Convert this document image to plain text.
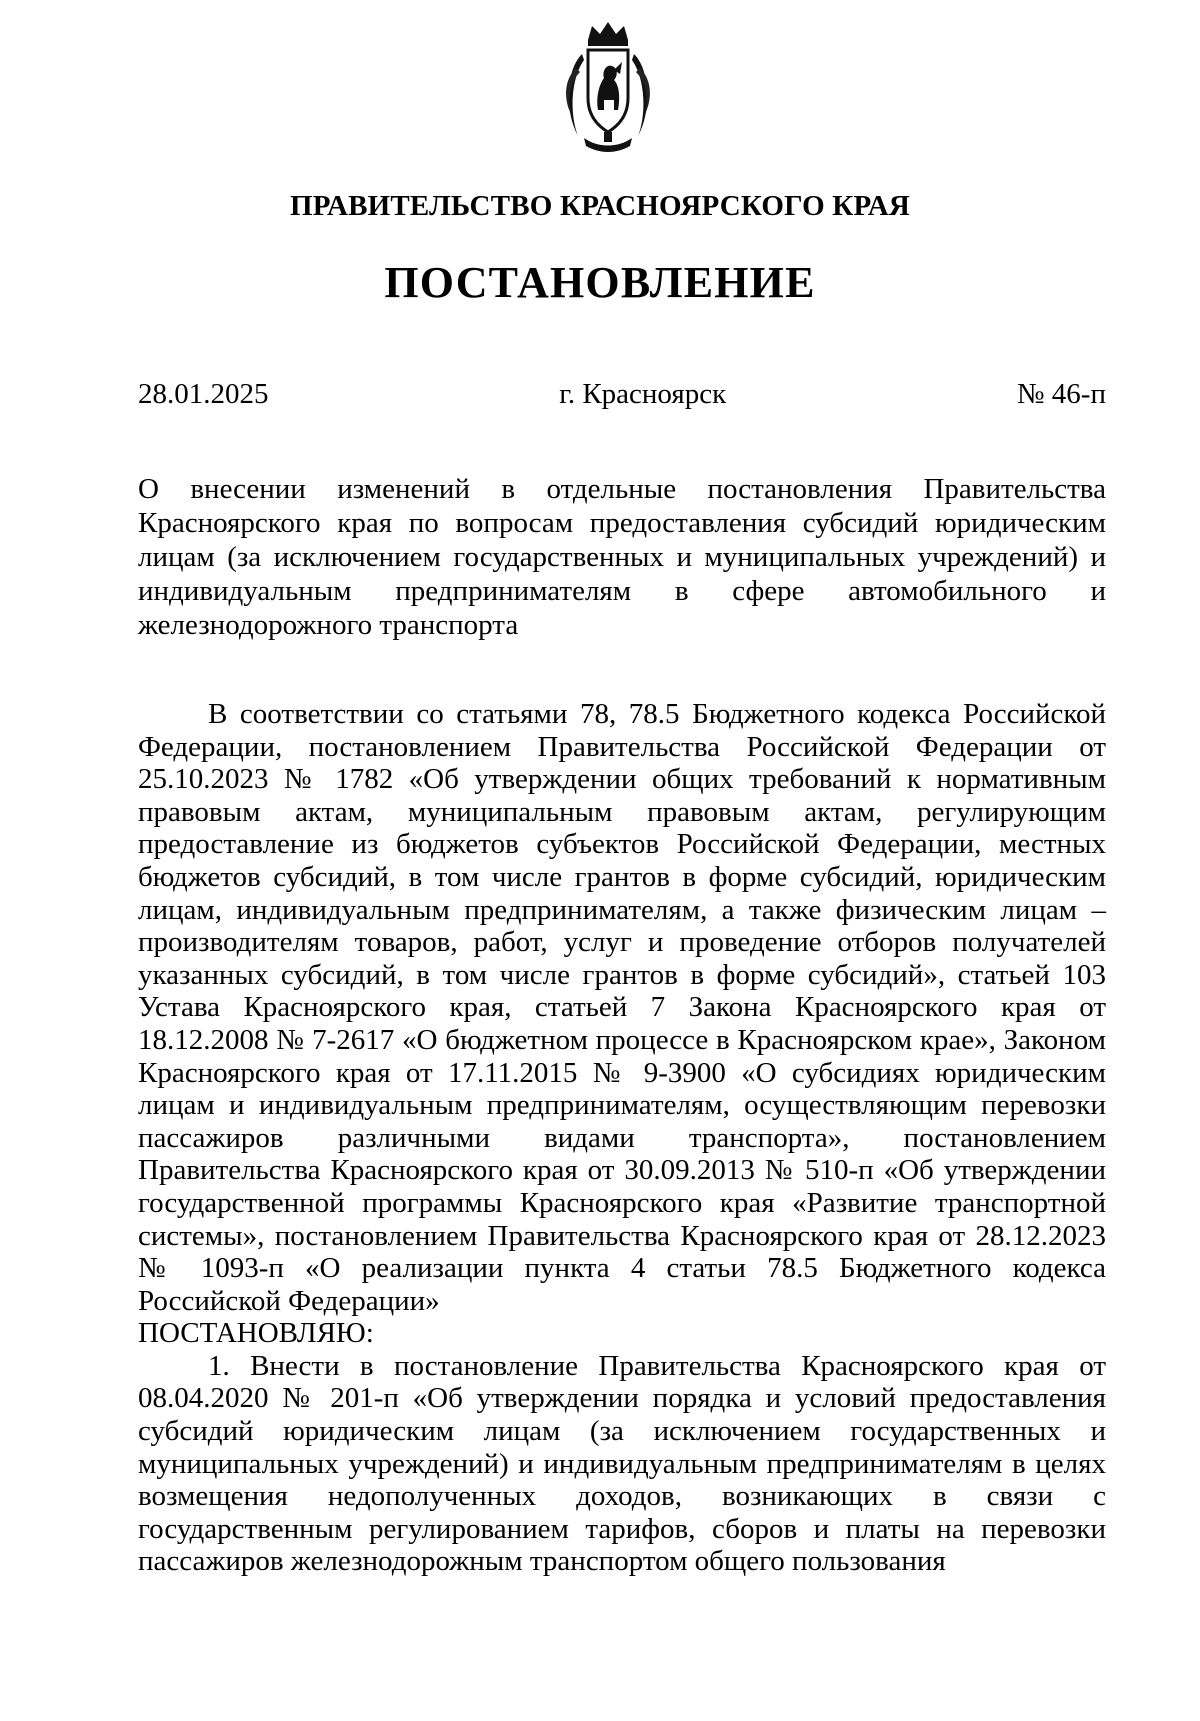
ПРАВИТЕЛЬСТВО КРАСНОЯРСКОГО КРАЯ
ПОСТАНОВЛЕНИЕ
28.01.2025	г. Красноярск	№ 46-п
О внесении изменений в отдельные постановления Правительства Красноярского края по вопросам предоставления субсидий юридическим лицам (за исключением государственных и муниципальных учреждений) и индивидуальным предпринимателям в сфере автомобильного и железнодорожного транспорта

В соответствии со статьями 78, 78.5 Бюджетного кодекса Российской Федерации, постановлением Правительства Российской Федерации от 25.10.2023 № 1782 «Об утверждении общих требований к нормативным правовым актам, муниципальным правовым актам, регулирующим предоставление из бюджетов субъектов Российской Федерации, местных бюджетов субсидий, в том числе грантов в форме субсидий, юридическим лицам, индивидуальным предпринимателям, а также физическим лицам – производителям товаров, работ, услуг и проведение отборов получателей указанных субсидий, в том числе грантов в форме субсидий», статьей 103 Устава Красноярского края, статьей 7 Закона Красноярского края от 18.12.2008 № 7-2617 «О бюджетном процессе в Красноярском крае», Законом Красноярского края от 17.11.2015 № 9-3900 «О субсидиях юридическим лицам и индивидуальным предпринимателям, осуществляющим перевозки пассажиров различными видами транспорта», постановлением Правительства Красноярского края от 30.09.2013 № 510-п «Об утверждении государственной программы Красноярского края «Развитие транспортной системы», постановлением Правительства Красноярского края от 28.12.2023 № 1093-п «О реализации пункта 4 статьи 78.5 Бюджетного кодекса Российской Федерации»

ПОСТАНОВЛЯЮ:

1. Внести в постановление Правительства Красноярского края от 08.04.2020 № 201-п «Об утверждении порядка и условий предоставления субсидий юридическим лицам (за исключением государственных и муниципальных учреждений) и индивидуальным предпринимателям в целях возмещения недополученных доходов, возникающих в связи с государственным регулированием тарифов, сборов и платы на перевозки пассажиров железнодорожным транспортом общего пользования
